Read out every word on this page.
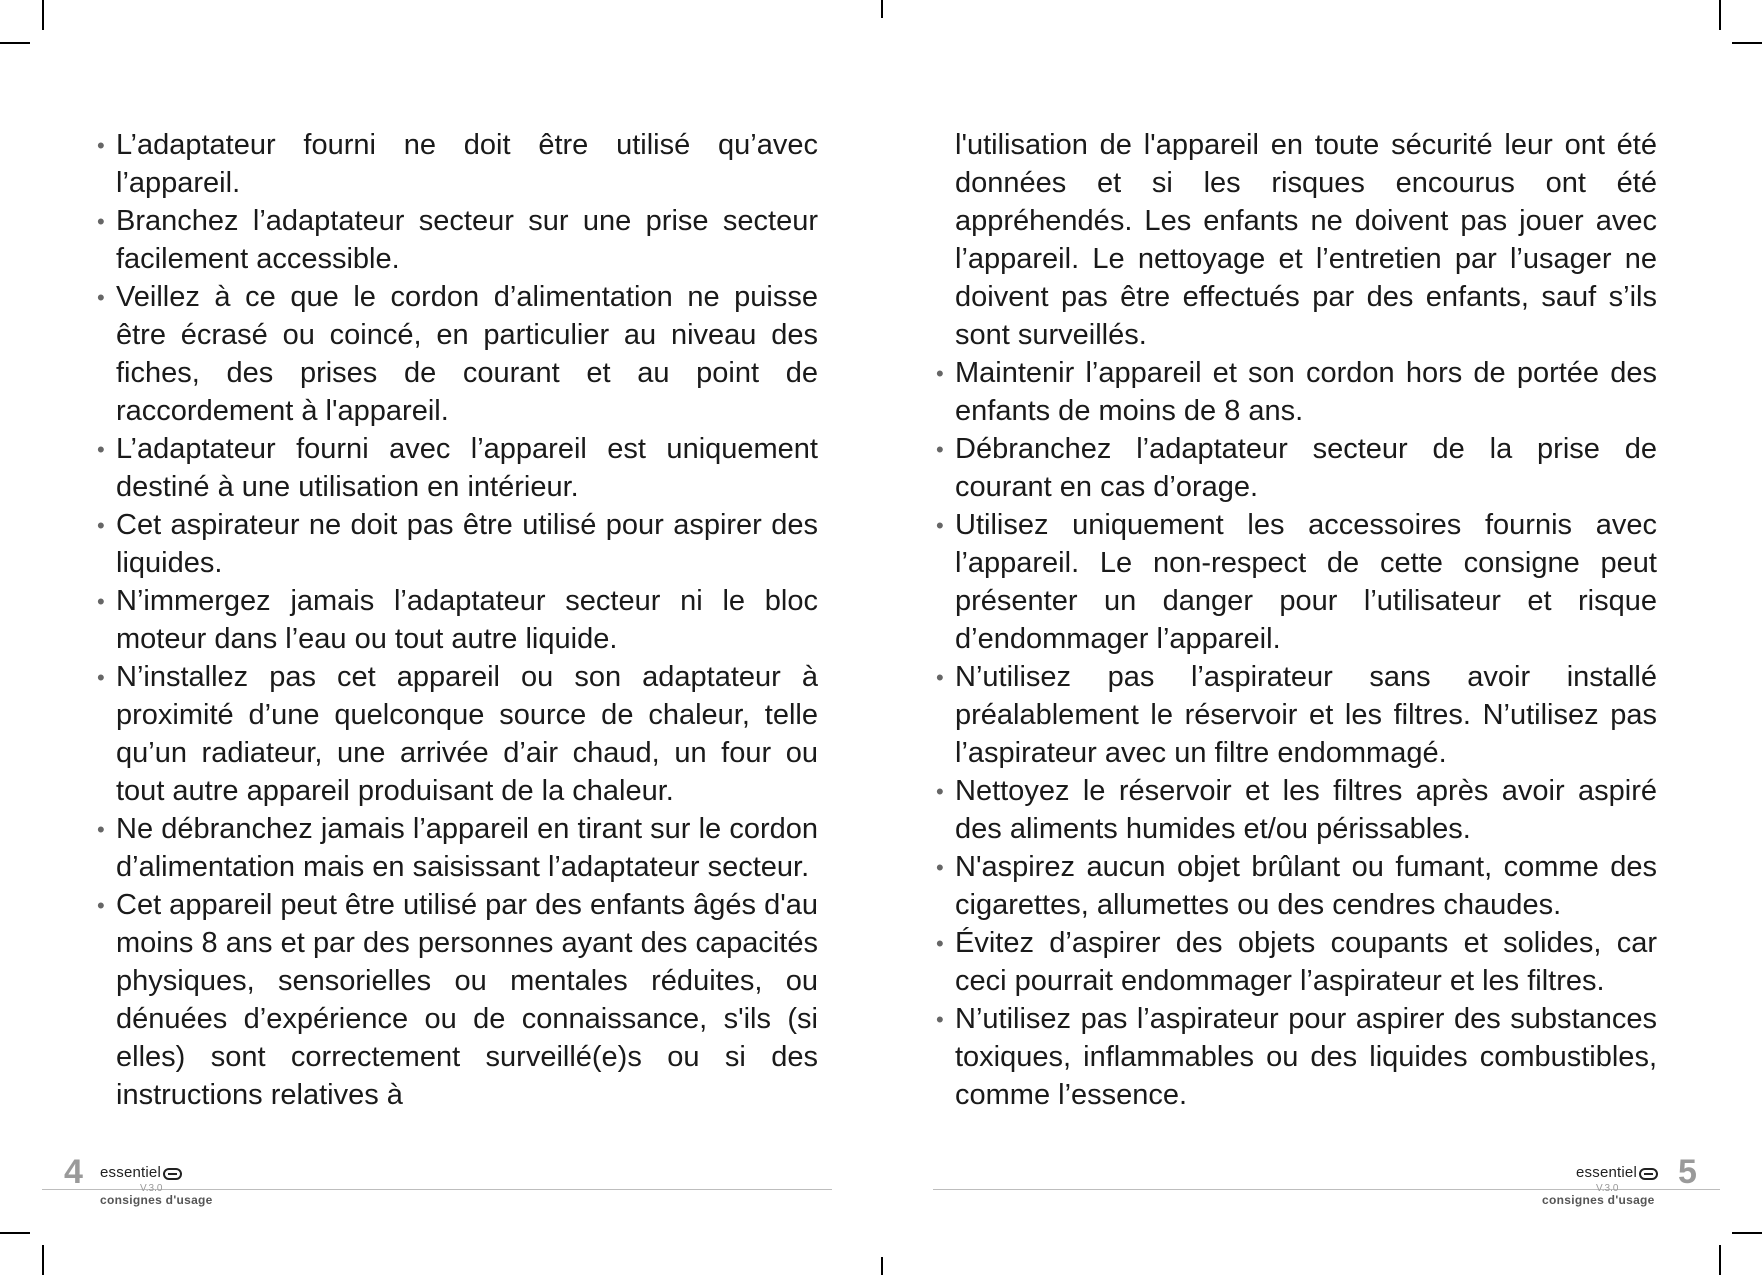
• L’adaptateur fourni ne doit être utilisé qu’avec l’appareil.
• Branchez l’adaptateur secteur sur une prise secteur facilement accessible.
• Veillez à ce que le cordon d’alimentation ne puisse être écrasé ou coincé, en particulier au niveau des fiches, des prises de courant et au point de raccordement à l'appareil.
• L’adaptateur fourni avec l’appareil est uniquement destiné à une utilisation en intérieur.
• Cet aspirateur ne doit pas être utilisé pour aspirer des liquides.
• N’immergez jamais l’adaptateur secteur ni le bloc moteur dans l’eau ou tout autre liquide.
• N’installez pas cet appareil ou son adaptateur à proximité d’une quelconque source de chaleur, telle qu’un radiateur, une arrivée d’air chaud, un four ou tout autre appareil produisant de la chaleur.
• Ne débranchez jamais l’appareil en tirant sur le cordon d’alimentation mais en saisissant l’adaptateur secteur.
• Cet appareil peut être utilisé par des enfants âgés d'au moins 8 ans et par des personnes ayant des capacités physiques, sensorielles ou mentales réduites, ou dénuées d’expérience ou de connaissance, s'ils (si elles) sont correctement surveillé(e)s ou si des instructions relatives à

l'utilisation de l'appareil en toute sécurité leur ont été données et si les risques encourus ont été appréhendés. Les enfants ne doivent pas jouer avec l’appareil. Le nettoyage et l’entretien par l’usager ne doivent pas être effectués par des enfants, sauf s’ils sont surveillés.

• Maintenir l’appareil et son cordon hors de portée des enfants de moins de 8 ans.
• Débranchez l’adaptateur secteur de la prise de courant en cas d’orage.
• Utilisez uniquement les accessoires fournis avec l’appareil. Le non-respect de cette consigne peut présenter un danger pour l’utilisateur et risque d’endommager l’appareil.
• N’utilisez pas l’aspirateur sans avoir installé préalablement le réservoir et les filtres. N’utilisez pas l’aspirateur avec un filtre endommagé.
• Nettoyez le réservoir et les filtres après avoir aspiré des aliments humides et/ou périssables.
• N'aspirez aucun objet brûlant ou fumant, comme des cigarettes, allumettes ou des cendres chaudes.
• Évitez d’aspirer des objets coupants et solides, car ceci pourrait endommager l’aspirateur et les filtres.
• N’utilisez pas l’aspirateur pour aspirer des substances toxiques, inflammables ou des liquides combustibles, comme l’essence.
4 essentiel
V.3.0
consignes d'usage
essentiel
V.3.0
consignes d'usage
5
